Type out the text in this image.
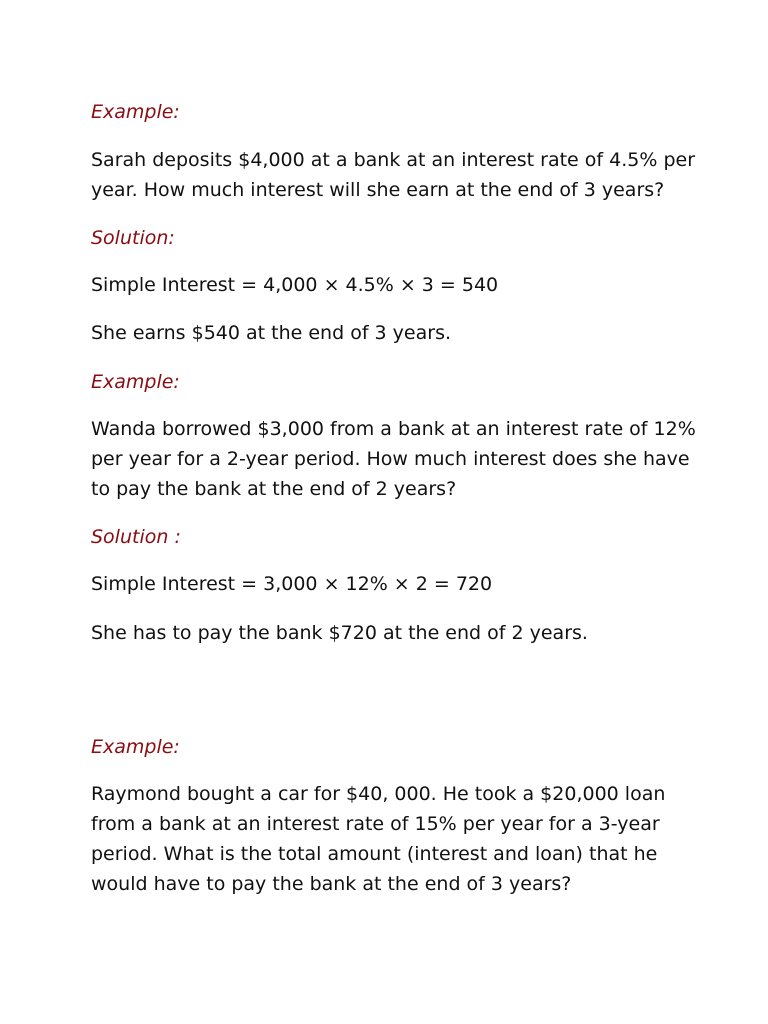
Example:
Sarah deposits $4,000 at a bank at an interest rate of 4.5% per
year. How much interest will she earn at the end of 3 years?
Solution:
Simple Interest = 4,000 × 4.5% × 3 = 540
She earns $540 at the end of 3 years.
Example:
Wanda borrowed $3,000 from a bank at an interest rate of 12%
per year for a 2-year period. How much interest does she have
to pay the bank at the end of 2 years?
Solution :
Simple Interest = 3,000 × 12% × 2 = 720
She has to pay the bank $720 at the end of 2 years.
Example:
Raymond bought a car for $40, 000. He took a $20,000 loan
from a bank at an interest rate of 15% per year for a 3-year
period. What is the total amount (interest and loan) that he
would have to pay the bank at the end of 3 years?
